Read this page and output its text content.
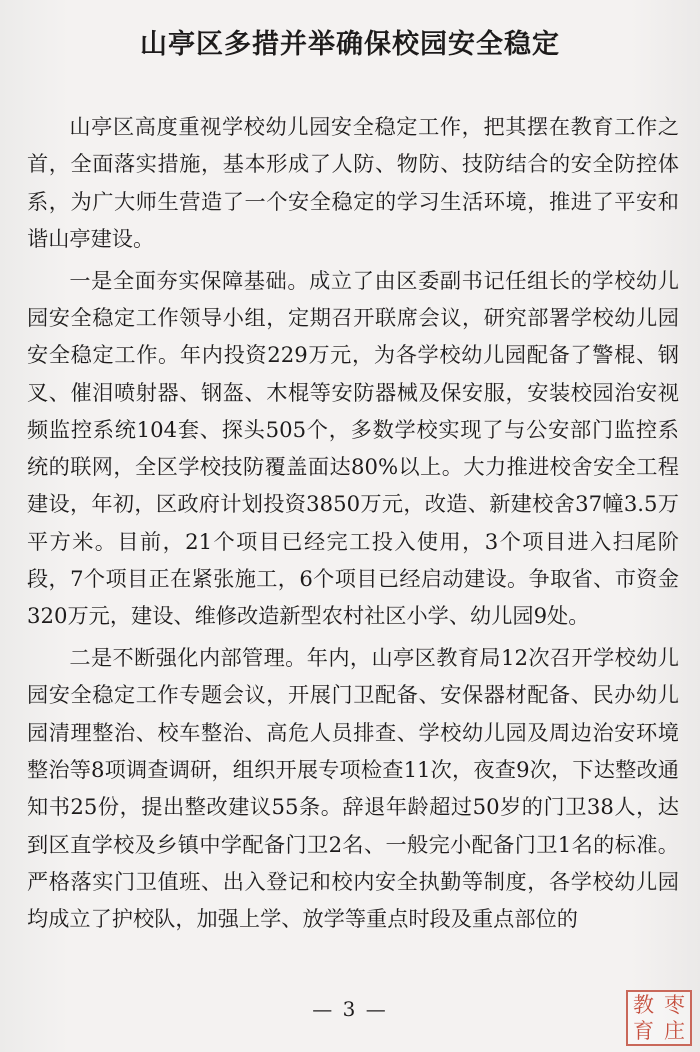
山亭区多措并举确保校园安全稳定

山亭区高度重视学校幼儿园安全稳定工作，把其摆在教育工作之首，全面落实措施，基本形成了人防、物防、技防结合的安全防控体系，为广大师生营造了一个安全稳定的学习生活环境，推进了平安和谐山亭建设。

一是全面夯实保障基础。成立了由区委副书记任组长的学校幼儿园安全稳定工作领导小组，定期召开联席会议，研究部署学校幼儿园安全稳定工作。年内投资229万元，为各学校幼儿园配备了警棍、钢叉、催泪喷射器、钢盔、木棍等安防器械及保安服，安装校园治安视频监控系统104套、探头505个，多数学校实现了与公安部门监控系统的联网，全区学校技防覆盖面达80%以上。大力推进校舍安全工程建设，年初，区政府计划投资3850万元，改造、新建校舍37幢3.5万平方米。目前，21个项目已经完工投入使用，3个项目进入扫尾阶段，7个项目正在紧张施工，6个项目已经启动建设。争取省、市资金320万元，建设、维修改造新型农村社区小学、幼儿园9处。

二是不断强化内部管理。年内，山亭区教育局12次召开学校幼儿园安全稳定工作专题会议，开展门卫配备、安保器材配备、民办幼儿园清理整治、校车整治、高危人员排查、学校幼儿园及周边治安环境整治等8项调查调研，组织开展专项检查11次，夜查9次，下达整改通知书25份，提出整改建议55条。辞退年龄超过50岁的门卫38人，达到区直学校及乡镇中学配备门卫2名、一般完小配备门卫1名的标准。严格落实门卫值班、出入登记和校内安全执勤等制度，各学校幼儿园均成立了护校队，加强上学、放学等重点时段及重点部位的

— 3 —	教 枣
育 庄
